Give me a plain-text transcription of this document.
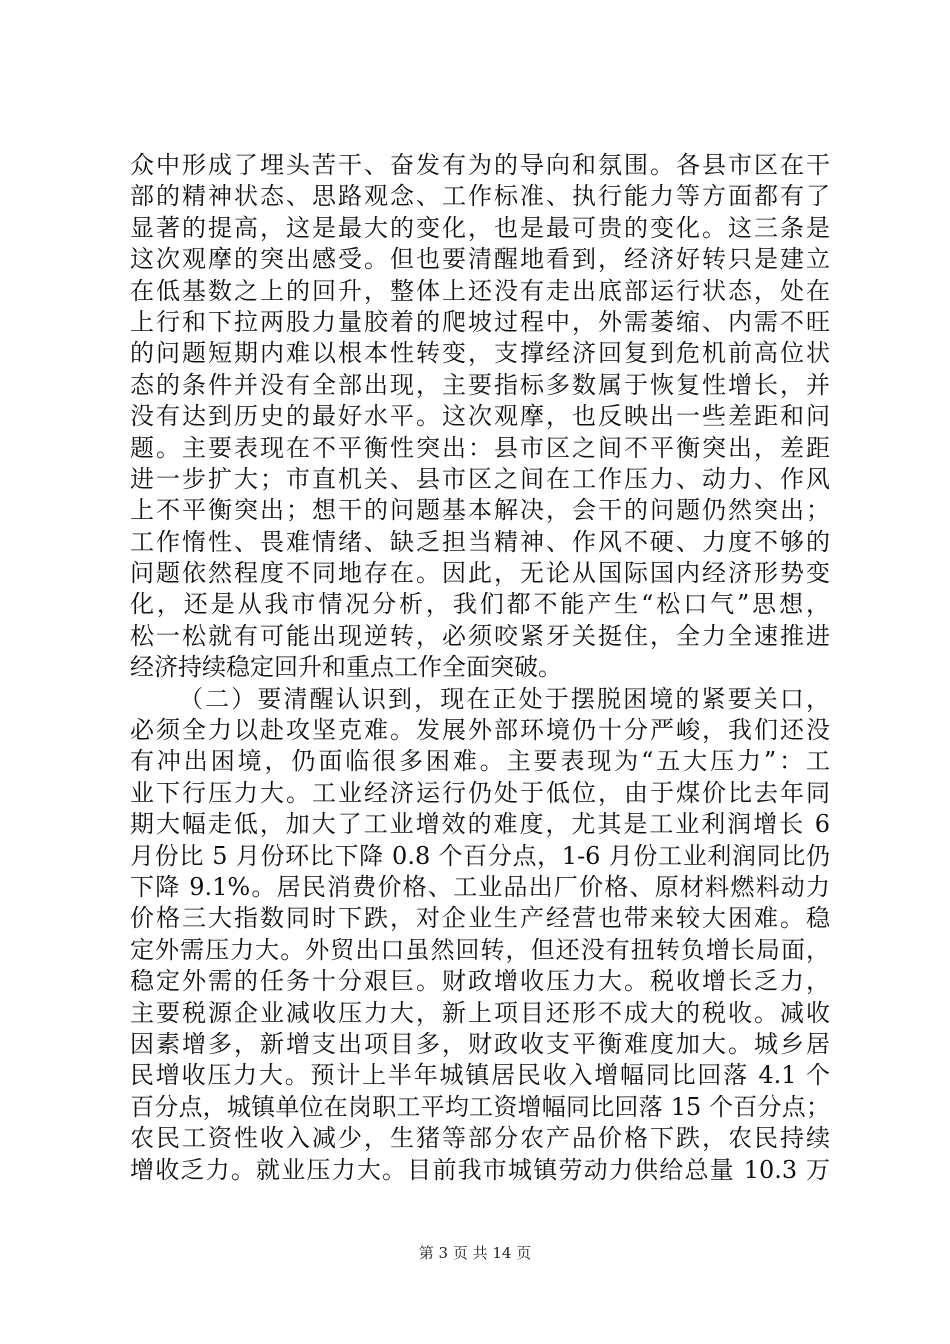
众中形成了埋头苦干、奋发有为的导向和氛围。各县市区在干
部的精神状态、思路观念、工作标准、执行能力等方面都有了
显著的提高，这是最大的变化，也是最可贵的变化。这三条是
这次观摩的突出感受。但也要清醒地看到，经济好转只是建立
在低基数之上的回升，整体上还没有走出底部运行状态，处在
上行和下拉两股力量胶着的爬坡过程中，外需萎缩、内需不旺
的问题短期内难以根本性转变，支撑经济回复到危机前高位状
态的条件并没有全部出现，主要指标多数属于恢复性增长，并
没有达到历史的最好水平。这次观摩，也反映出一些差距和问
题。主要表现在不平衡性突出：县市区之间不平衡突出，差距
进一步扩大；市直机关、县市区之间在工作压力、动力、作风
上不平衡突出；想干的问题基本解决，会干的问题仍然突出；
工作惰性、畏难情绪、缺乏担当精神、作风不硬、力度不够的
问题依然程度不同地存在。因此，无论从国际国内经济形势变
化，还是从我市情况分析，我们都不能产生“松口气”思想，
松一松就有可能出现逆转，必须咬紧牙关挺住，全力全速推进
经济持续稳定回升和重点工作全面突破。
（二）要清醒认识到，现在正处于摆脱困境的紧要关口，
必须全力以赴攻坚克难。发展外部环境仍十分严峻，我们还没
有冲出困境，仍面临很多困难。主要表现为“五大压力”：工
业下行压力大。工业经济运行仍处于低位，由于煤价比去年同
期大幅走低，加大了工业增效的难度，尤其是工业利润增长 6
月份比 5 月份环比下降 0.8 个百分点，1-6 月份工业利润同比仍
下降 9.1%。居民消费价格、工业品出厂价格、原材料燃料动力
价格三大指数同时下跌，对企业生产经营也带来较大困难。稳
定外需压力大。外贸出口虽然回转，但还没有扭转负增长局面，
稳定外需的任务十分艰巨。财政增收压力大。税收增长乏力，
主要税源企业减收压力大，新上项目还形不成大的税收。减收
因素增多，新增支出项目多，财政收支平衡难度加大。城乡居
民增收压力大。预计上半年城镇居民收入增幅同比回落 4.1 个
百分点，城镇单位在岗职工平均工资增幅同比回落 15 个百分点；
农民工资性收入减少，生猪等部分农产品价格下跌，农民持续
增收乏力。就业压力大。目前我市城镇劳动力供给总量 10.3 万
第 3 页 共 14 页
